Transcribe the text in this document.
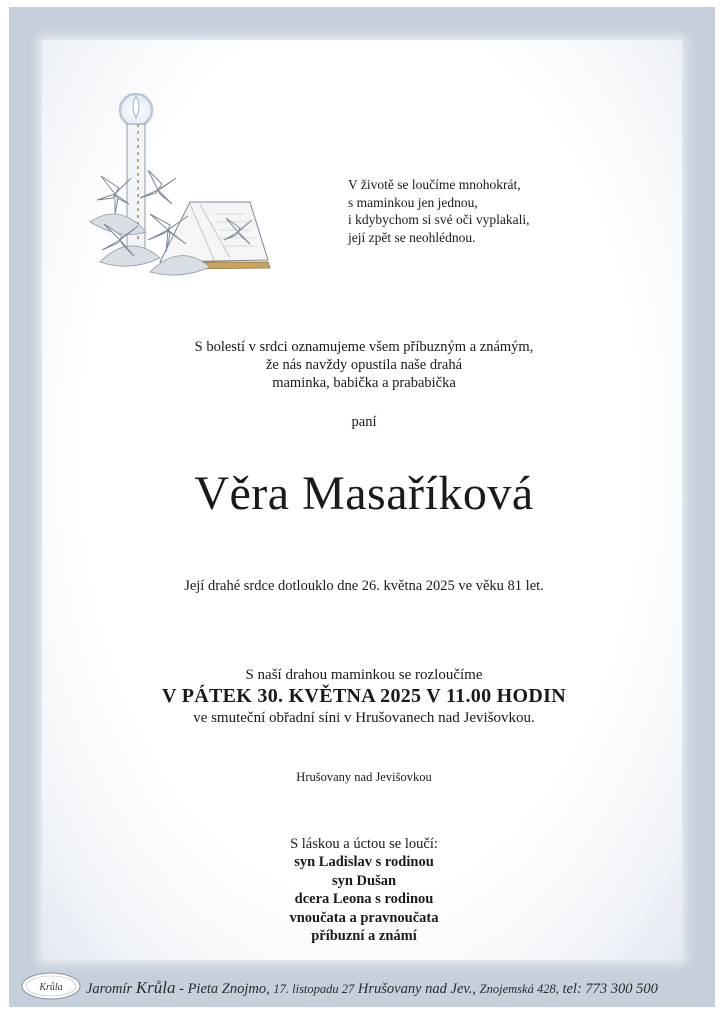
V životě se loučíme mnohokrát,
s maminkou jen jednou,
i kdybychom si své oči vyplakali,
její zpět se neohlédnou.
S bolestí v srdci oznamujeme všem příbuzným a známým,
že nás navždy opustila naše drahá
maminka, babička a prababička
paní
Věra Masaříková
Její drahé srdce dotlouklo dne 26. května 2025 ve věku 81 let.
S naší drahou maminkou se rozloučíme
V PÁTEK 30. KVĚTNA 2025 V 11.00 HODIN
ve smuteční obřadní síni v Hrušovanech nad Jevišovkou.
Hrušovany nad Jevišovkou
S láskou a úctou se loučí:
syn Ladislav s rodinou
syn Dušan
dcera Leona s rodinou
vnoučata a pravnoučata
příbuzní a známí
Krůla Jaromír Krůla - Pieta Znojmo, 17. listopadu 27 Hrušovany nad Jev., Znojemská 428, tel: 773 300 500
